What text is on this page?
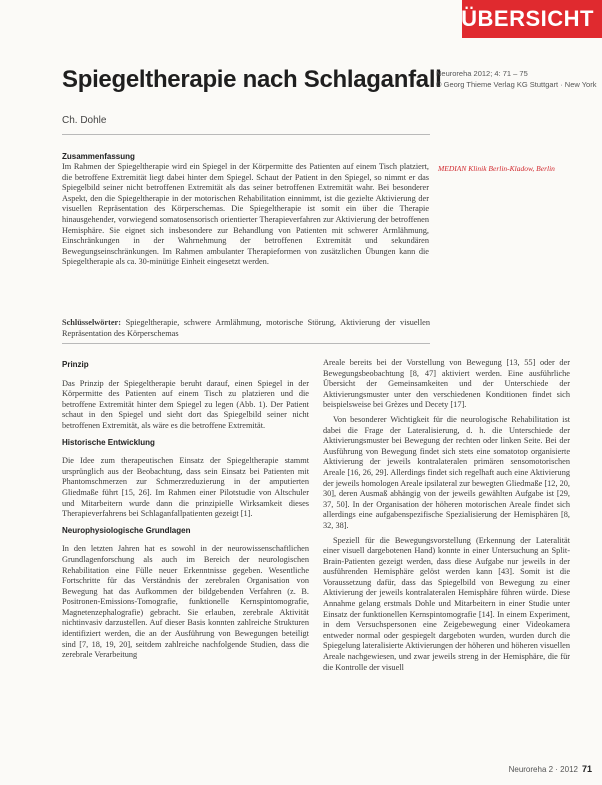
ÜBERSICHT
Spiegeltherapie nach Schlaganfall
Neuroreha 2012; 4: 71 – 75
© Georg Thieme Verlag KG Stuttgart · New York
Ch. Dohle
Zusammenfassung
Im Rahmen der Spiegeltherapie wird ein Spiegel in der Körpermitte des Patienten auf einem Tisch platziert, die betroffene Extremität liegt dabei hinter dem Spiegel. Schaut der Patient in den Spiegel, so nimmt er das Spiegelbild seiner nicht betroffenen Extremität als das seiner betroffenen Extremität wahr. Bei besonderer Aspekt, den die Spiegeltherapie in der motorischen Rehabilitation einnimmt, ist die gezielte Aktivierung der visuellen Repräsentation des Körperschemas. Die Spiegeltherapie ist somit ein über die Therapie hinausgehender, vorwiegend somatosensorisch orientierter Therapieverfahren zur Aktivierung der betroffenen Hemisphäre. Sie eignet sich insbesondere zur Behandlung von Patienten mit schwerer Armlähmung, Einschränkungen in der Wahrnehmung der betroffenen Extremität und sekundären Bewegungseinschränkungen. Im Rahmen ambulanter Therapieformen von zusätzlichen Übungen kann die Spiegeltherapie als ca. 30-minütige Einheit eingesetzt werden.
MEDIAN Klinik Berlin-Kladow, Berlin
Schlüsselwörter: Spiegeltherapie, schwere Armlähmung, motorische Störung, Aktivierung der visuellen Repräsentation des Körperschemas
Prinzip

Das Prinzip der Spiegeltherapie beruht darauf, einen Spiegel in der Körpermitte des Patienten auf einem Tisch zu platzieren und die betroffene Extremität hinter dem Spiegel zu legen (Abb. 1). Der Patient schaut in den Spiegel und sieht dort das Spiegelbild seiner nicht betroffenen Extremität, als wäre es die betroffene Extremität.

Historische Entwicklung

Die Idee zum therapeutischen Einsatz der Spiegeltherapie stammt ursprünglich aus der Beobachtung, dass sein Einsatz bei Patienten mit Phantomschmerzen zur Schmerzreduzierung in der amputierten Gliedmaße führt [15, 26]. Im Rahmen einer Pilotstudie von Altschuler und Mitarbeitern wurde dann die prinzipielle Wirksamkeit dieses Therapieverfahrens bei Schlaganfallpatienten gezeigt [1].

Neurophysiologische Grundlagen

In den letzten Jahren hat es sowohl in der neurowissenschaftlichen Grundlagenforschung als auch im Bereich der neurologischen Rehabilitation eine Fülle neuer Erkenntnisse gegeben. Wesentliche Fortschritte für das Verständnis der zerebralen Organisation von Bewegung hat das Aufkommen der bildgebenden Verfahren (z. B. Positronen-Emissions-Tomografie, funktionelle Kernspintomografie, Magnetenzephalografie) gebracht. Sie erlauben, zerebrale Aktivität nichtinvasiv darzustellen. Auf dieser Basis konnten zahlreiche Strukturen identifiziert werden, die an der Ausführung von Bewegungen beteiligt sind [7, 18, 19, 20], seitdem zahlreiche nachfolgende Studien, dass die zerebrale Verarbeitung

Areale bereits bei der Vorstellung von Bewegung [13, 55] oder der Bewegungsbeobachtung [8, 47] aktiviert werden. Eine ausführliche Übersicht der Gemeinsamkeiten und der Unterschiede der Aktivierungsmuster unter den verschiedenen Konditionen findet sich beispielsweise bei Grèzes und Decety [17].

Von besonderer Wichtigkeit für die neurologische Rehabilitation ist dabei die Frage der Lateralisierung, d. h. die Unterschiede der Aktivierungsmuster bei Bewegung der rechten oder linken Seite. Bei der Ausführung von Bewegung findet sich stets eine somatotop organisierte Aktivierung der jeweils kontralateralen primären sensomotorischen Areale [16, 26, 29]. Allerdings findet sich regelhaft auch eine Aktivierung der jeweils homologen Areale ipsilateral zur bewegten Gliedmaße [12, 20, 30], deren Ausmaß abhängig von der jeweils gewählten Aufgabe ist [29, 37, 50]. In der Organisation der höheren motorischen Areale findet sich allerdings eine aufgabenspezifische Spezialisierung der Hemisphären [8, 32, 38].

Speziell für die Bewegungsvorstellung (Erkennung der Lateralität einer visuell dargebotenen Hand) konnte in einer Untersuchung an Split-Brain-Patienten gezeigt werden, dass diese Aufgabe nur jeweils in der ausführenden Hemisphäre gelöst werden kann [43]. Somit ist die Voraussetzung dafür, dass das Spiegelbild von Bewegung zu einer Aktivierung der jeweils kontralateralen Hemisphäre führen würde. Diese Annahme gelang erstmals Dohle und Mitarbeitern in einer Studie unter Einsatz der funktionellen Kernspintomografie [14]. In einem Experiment, in dem Versuchspersonen eine Zeigebewegung einer Videokamera entweder normal oder gespiegelt dargeboten wurden, wurden durch die Spiegelung lateralisierte Aktivierungen der höheren und höheren visuellen Areale nachgewiesen, und zwar jeweils streng in der Hemisphäre, die für die Kontrolle der visuell

Neuroreha 2 · 2012 71
